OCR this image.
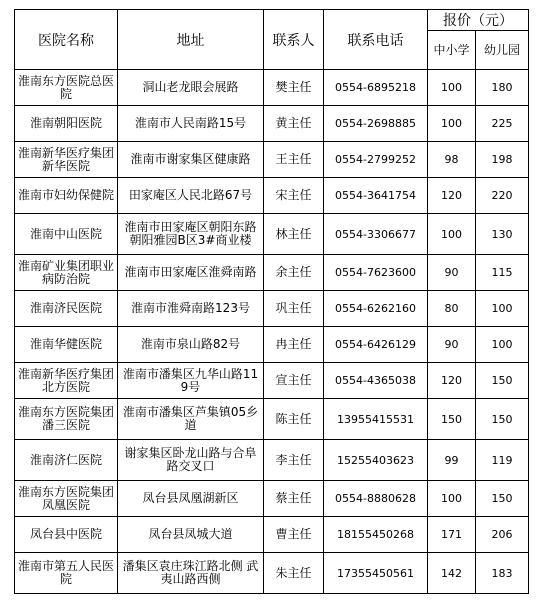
医院名称	地址	联系人	联系电话	报价（元）	
				中小学	幼儿园
淮南东方医院总医院	洞山老龙眼会展路	樊主任	0554-6895218	100	180
淮南朝阳医院	淮南市人民南路15号	黄主任	0554-2698885	100	225
淮南新华医疗集团新华医院	淮南市谢家集区健康路	王主任	0554-2799252	98	198
淮南市妇幼保健院	田家庵区人民北路67号	宋主任	0554-3641754	120	220
淮南中山医院	淮南市田家庵区朝阳东路朝阳雅园B区3#商业楼	林主任	0554-3306677	100	130
淮南矿业集团职业病防治院	淮南市田家庵区淮舜南路	余主任	0554-7623600	90	115
淮南济民医院	淮南市淮舜南路123号	巩主任	0554-6262160	80	100
淮南华健医院	淮南市泉山路82号	冉主任	0554-6426129	90	100
淮南新华医疗集团北方医院	淮南市潘集区九华山路119号	宣主任	0554-4365038	120	150
淮南东方医院集团潘三医院	淮南市潘集区芦集镇05乡道	陈主任	13955415531	150	150
淮南济仁医院	谢家集区卧龙山路与合阜路交叉口	李主任	15255403623	99	119
淮南东方医院集团凤凰医院	凤台县凤凰湖新区	蔡主任	0554-8880628	100	150
凤台县中医院	凤台县凤城大道	曹主任	18155450268	171	206
淮南市第五人民医院	潘集区袁庄珠江路北侧 武夷山路西侧	朱主任	17355450561	142	183
